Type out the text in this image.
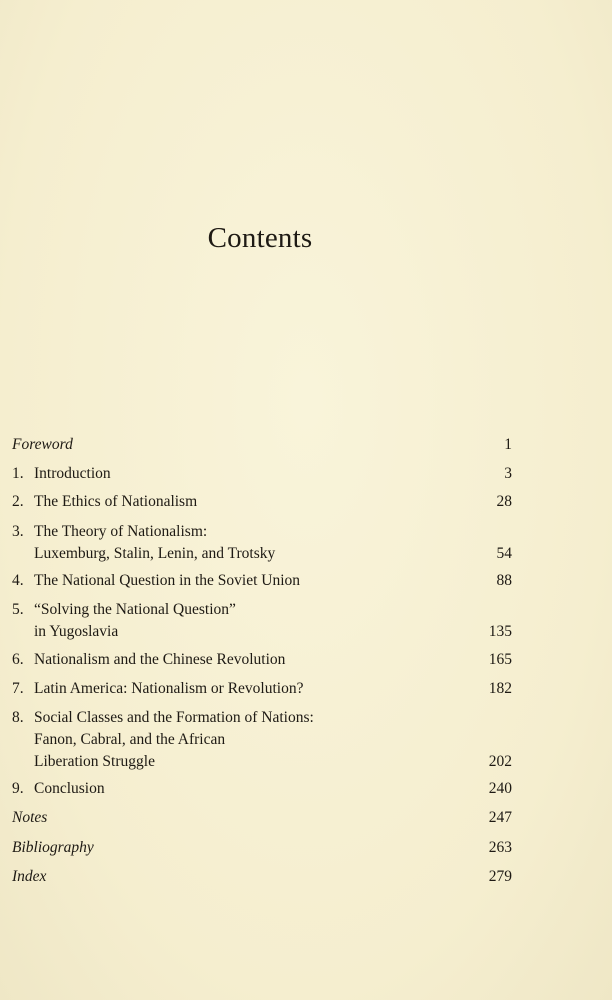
Contents
Foreword	1
1. Introduction	3
2. The Ethics of Nationalism	28
3. The Theory of Nationalism:
Luxemburg, Stalin, Lenin, and Trotsky	54
4. The National Question in the Soviet Union	88
5. “Solving the National Question”
in Yugoslavia	135
6. Nationalism and the Chinese Revolution	165
7. Latin America: Nationalism or Revolution?	182
8. Social Classes and the Formation of Nations:
Fanon, Cabral, and the African
Liberation Struggle	202
9. Conclusion	240
Notes	247
Bibliography	263
Index	279
